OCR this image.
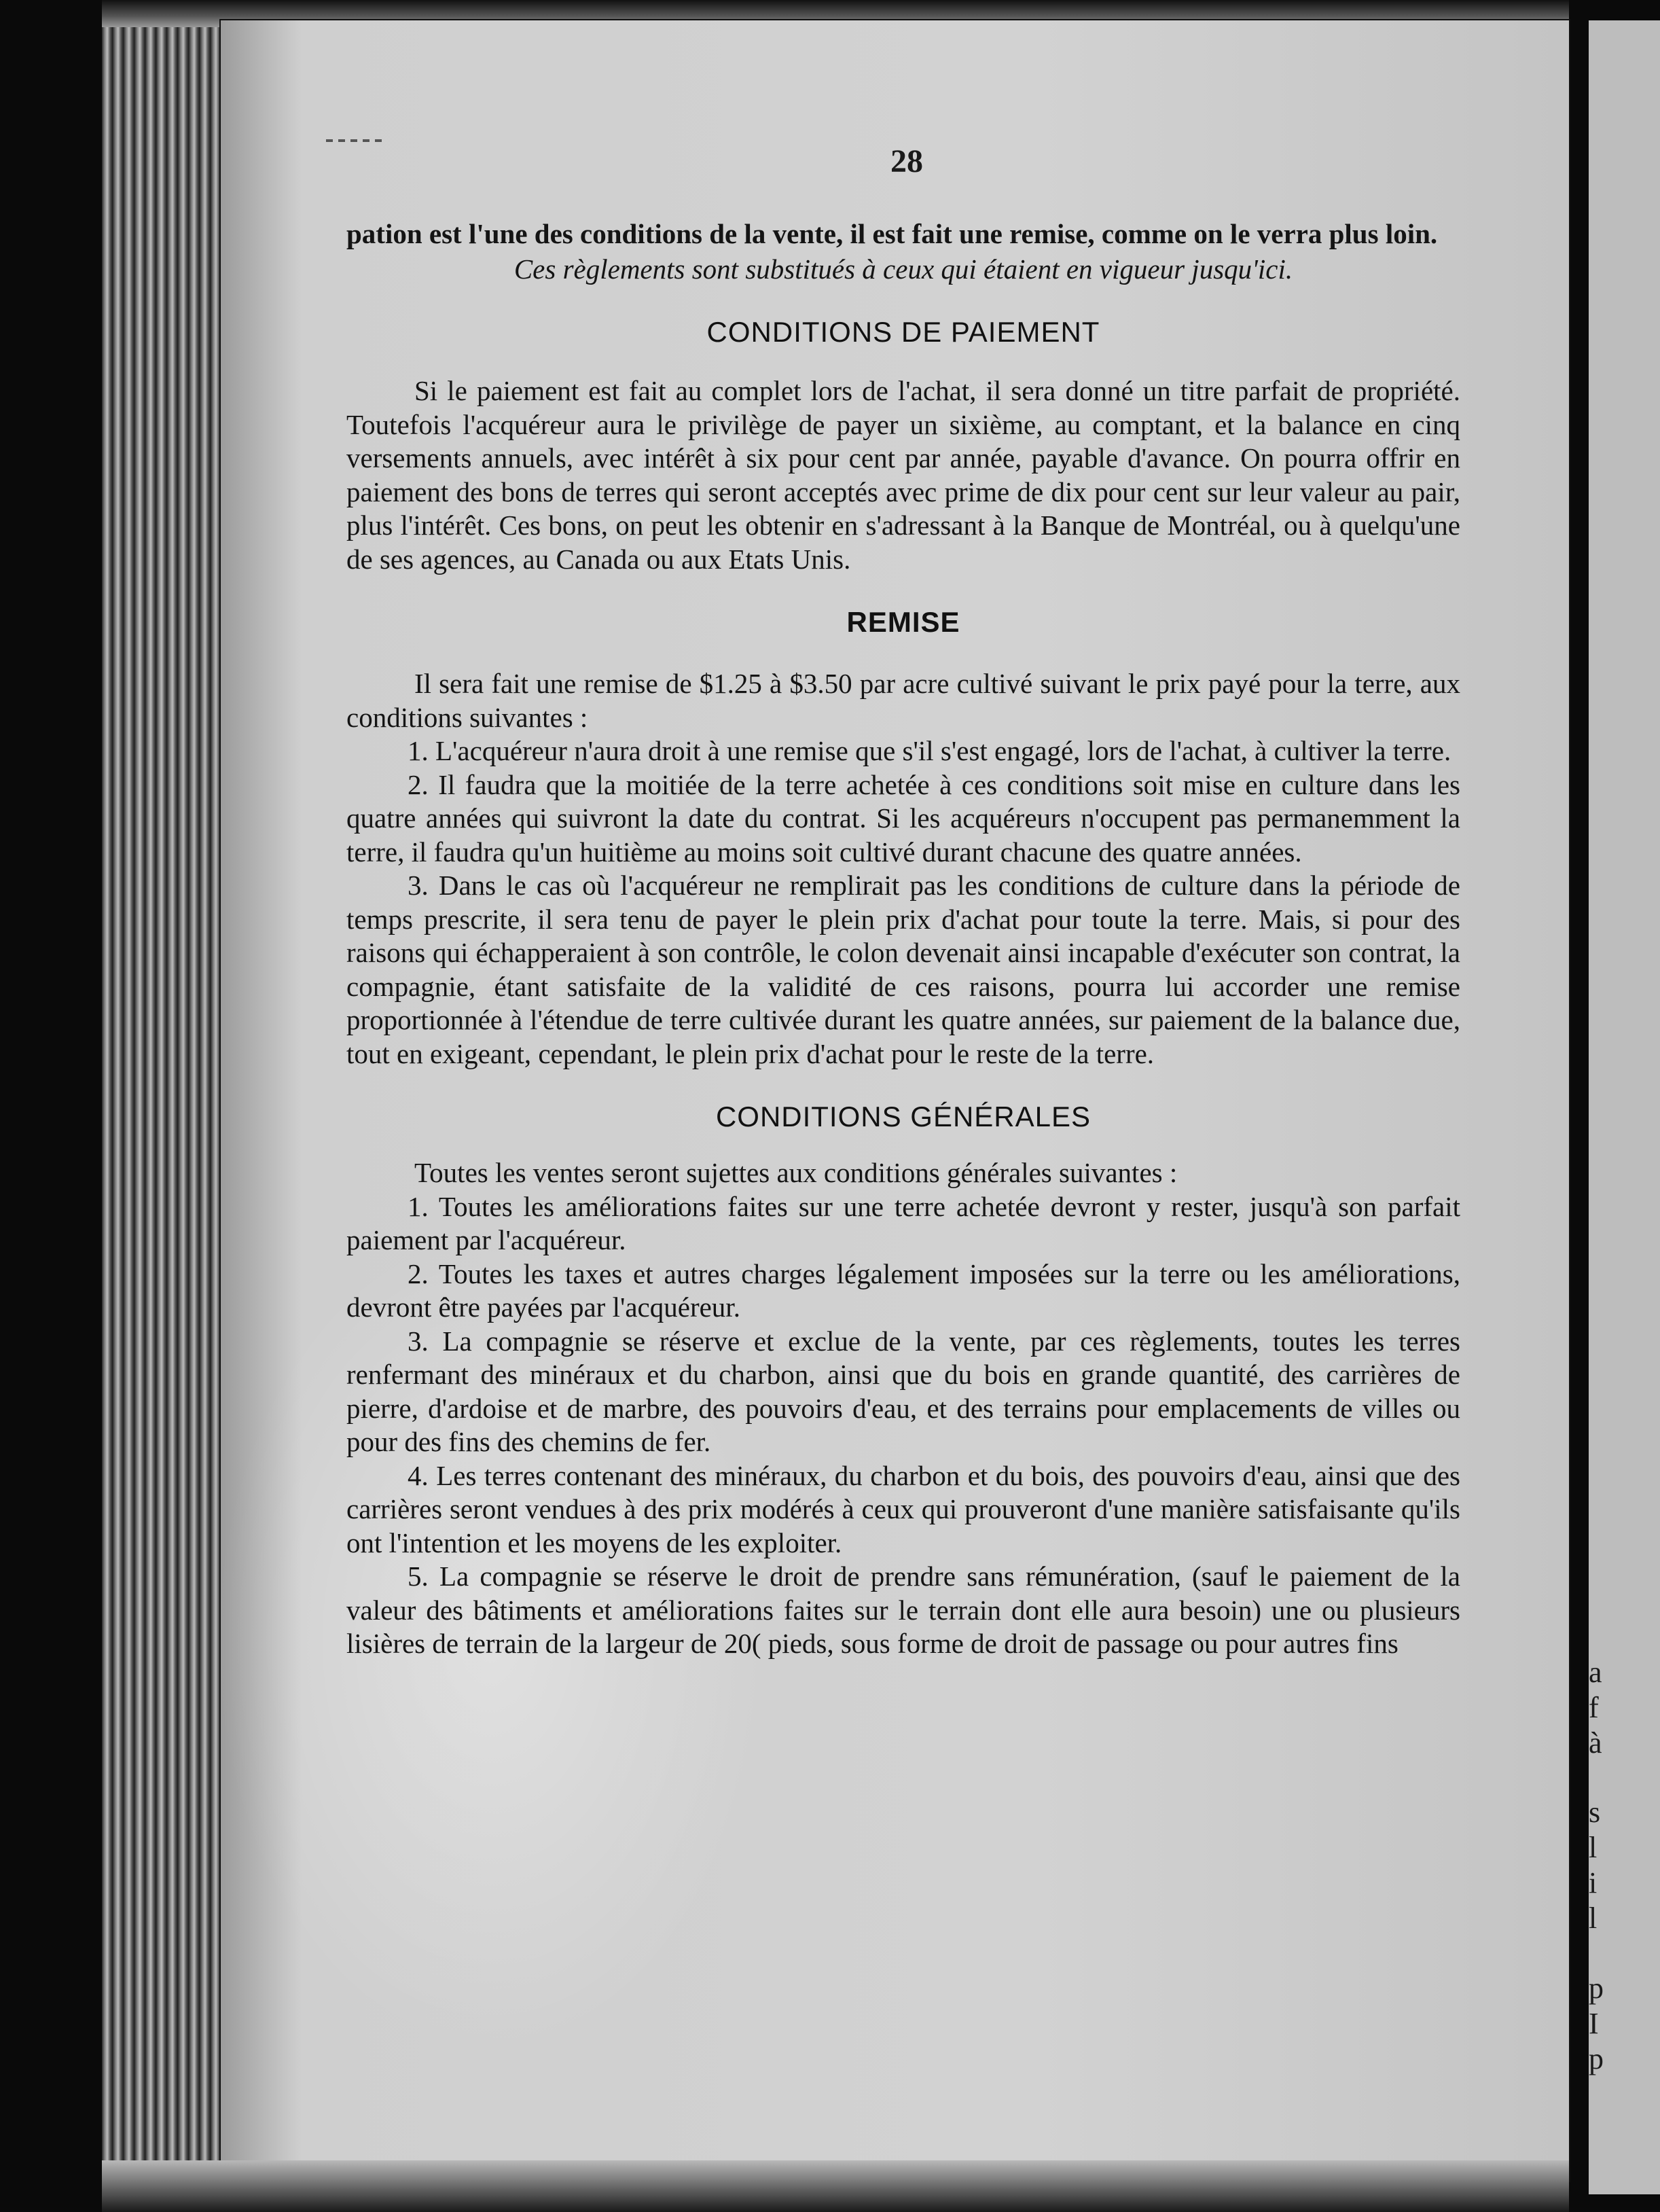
a
f
à
s
l
i
l
p
I
p
28

pation est l'une des conditions de la vente, il est fait une remise, comme on le verra plus loin.

Ces règlements sont substitués à ceux qui étaient en vigueur jusqu'ici.

CONDITIONS DE PAIEMENT

Si le paiement est fait au complet lors de l'achat, il sera donné un titre parfait de propriété. Toutefois l'acquéreur aura le privilège de payer un sixième, au comptant, et la balance en cinq versements annuels, avec intérêt à six pour cent par année, payable d'avance. On pourra offrir en paiement des bons de terres qui seront acceptés avec prime de dix pour cent sur leur valeur au pair, plus l'intérêt. Ces bons, on peut les obtenir en s'adressant à la Banque de Montréal, ou à quelqu'une de ses agences, au Canada ou aux Etats Unis.

REMISE

Il sera fait une remise de $1.25 à $3.50 par acre cultivé suivant le prix payé pour la terre, aux conditions suivantes :

1. L'acquéreur n'aura droit à une remise que s'il s'est engagé, lors de l'achat, à cultiver la terre.

2. Il faudra que la moitiée de la terre achetée à ces conditions soit mise en culture dans les quatre années qui suivront la date du contrat. Si les acquéreurs n'occupent pas permanemment la terre, il faudra qu'un huitième au moins soit cultivé durant chacune des quatre années.

3. Dans le cas où l'acquéreur ne remplirait pas les conditions de culture dans la période de temps prescrite, il sera tenu de payer le plein prix d'achat pour toute la terre. Mais, si pour des raisons qui échapperaient à son contrôle, le colon devenait ainsi incapable d'exécuter son contrat, la compagnie, étant satisfaite de la validité de ces raisons, pourra lui accorder une remise proportionnée à l'étendue de terre cultivée durant les quatre années, sur paiement de la balance due, tout en exigeant, cependant, le plein prix d'achat pour le reste de la terre.

CONDITIONS GÉNÉRALES

Toutes les ventes seront sujettes aux conditions générales suivantes :

1. Toutes les améliorations faites sur une terre achetée devront y rester, jusqu'à son parfait paiement par l'acquéreur.

2. Toutes les taxes et autres charges légalement imposées sur la terre ou les améliorations, devront être payées par l'acquéreur.

3. La compagnie se réserve et exclue de la vente, par ces règlements, toutes les terres renfermant des minéraux et du charbon, ainsi que du bois en grande quantité, des carrières de pierre, d'ardoise et de marbre, des pouvoirs d'eau, et des terrains pour emplacements de villes ou pour des fins des chemins de fer.

4. Les terres contenant des minéraux, du charbon et du bois, des pouvoirs d'eau, ainsi que des carrières seront vendues à des prix modérés à ceux qui prouveront d'une manière satisfaisante qu'ils ont l'intention et les moyens de les exploiter.

5. La compagnie se réserve le droit de prendre sans rémunération, (sauf le paiement de la valeur des bâtiments et améliorations faites sur le terrain dont elle aura besoin) une ou plusieurs lisières de terrain de la largeur de 20( pieds, sous forme de droit de passage ou pour autres fins
